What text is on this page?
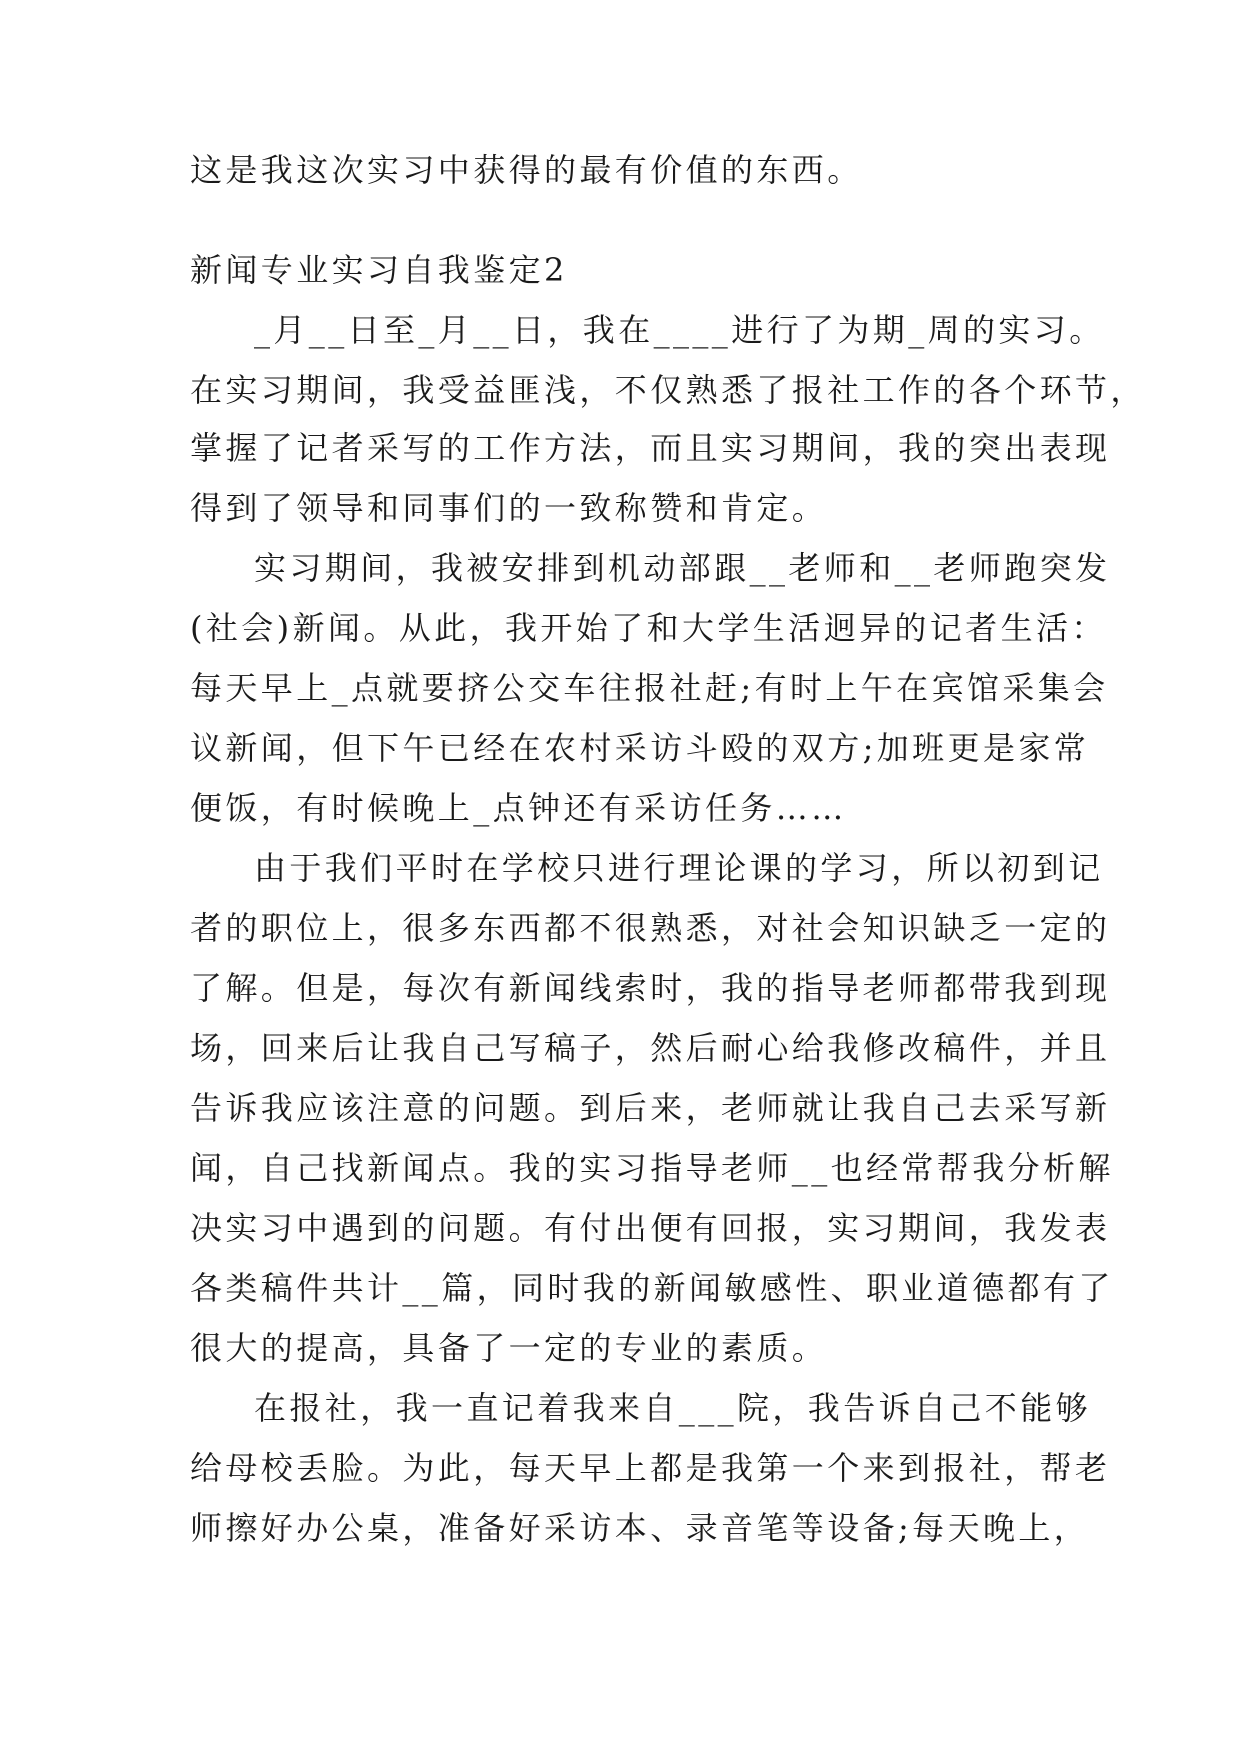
这是我这次实习中获得的最有价值的东西。
新闻专业实习自我鉴定2
_月__日至_月__日，我在____进行了为期_周的实习。
在实习期间，我受益匪浅，不仅熟悉了报社工作的各个环节，
掌握了记者采写的工作方法，而且实习期间，我的突出表现
得到了领导和同事们的一致称赞和肯定。
实习期间，我被安排到机动部跟__老师和__老师跑突发
(社会)新闻。从此，我开始了和大学生活迥异的记者生活：
每天早上_点就要挤公交车往报社赶;有时上午在宾馆采集会
议新闻，但下午已经在农村采访斗殴的双方;加班更是家常
便饭，有时候晚上_点钟还有采访任务……
由于我们平时在学校只进行理论课的学习，所以初到记
者的职位上，很多东西都不很熟悉，对社会知识缺乏一定的
了解。但是，每次有新闻线索时，我的指导老师都带我到现
场，回来后让我自己写稿子，然后耐心给我修改稿件，并且
告诉我应该注意的问题。到后来，老师就让我自己去采写新
闻，自己找新闻点。我的实习指导老师__也经常帮我分析解
决实习中遇到的问题。有付出便有回报，实习期间，我发表
各类稿件共计__篇，同时我的新闻敏感性、职业道德都有了
很大的提高，具备了一定的专业的素质。
在报社，我一直记着我来自___院，我告诉自己不能够
给母校丢脸。为此，每天早上都是我第一个来到报社，帮老
师擦好办公桌，准备好采访本、录音笔等设备;每天晚上，
